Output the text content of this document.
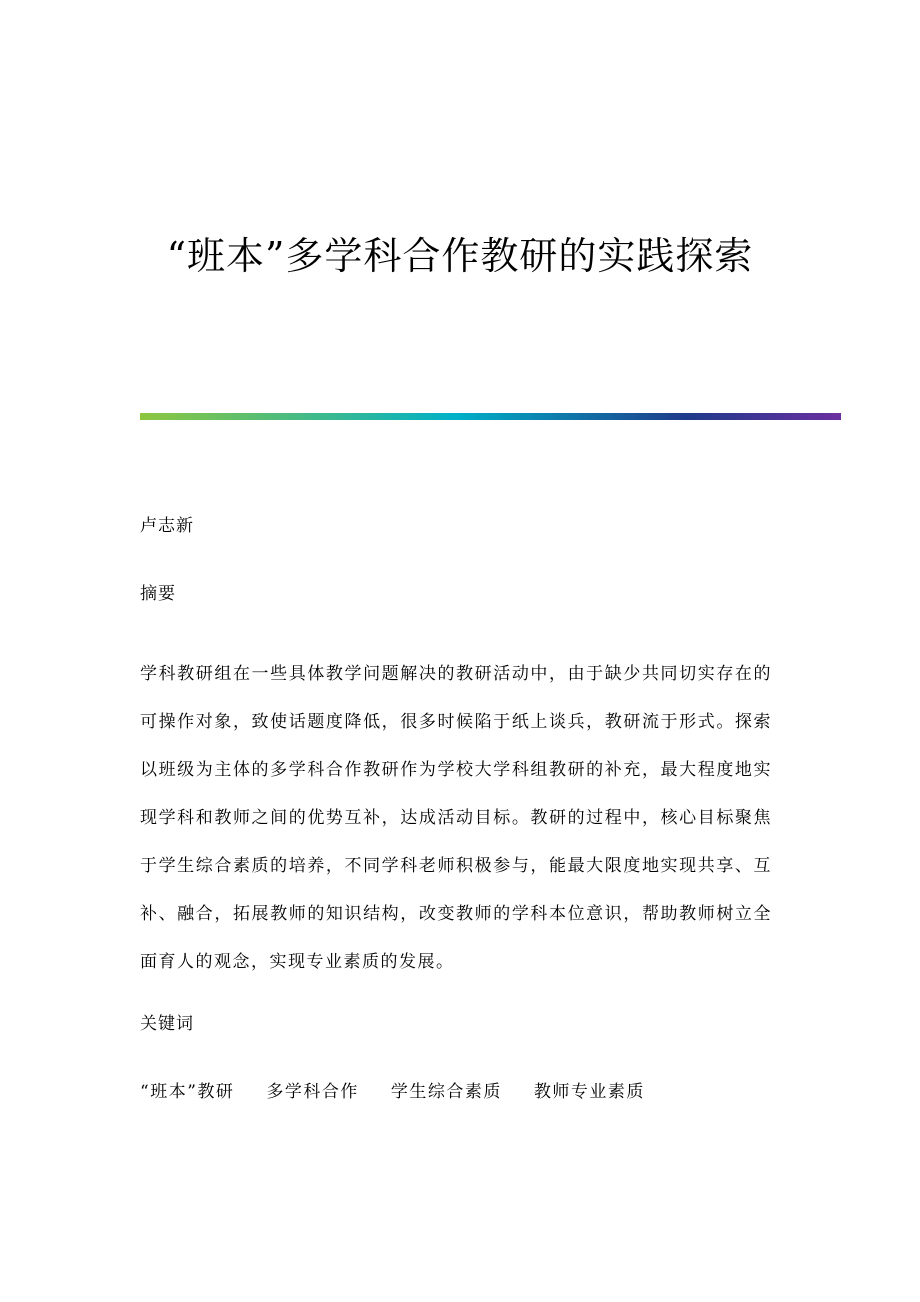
“班本”多学科合作教研的实践探索
卢志新
摘要

学科教研组在一些具体教学问题解决的教研活动中，由于缺少共同切实存在的可操作对象，致使话题度降低，很多时候陷于纸上谈兵，教研流于形式。探索以班级为主体的多学科合作教研作为学校大学科组教研的补充，最大程度地实现学科和教师之间的优势互补，达成活动目标。教研的过程中，核心目标聚焦于学生综合素质的培养，不同学科老师积极参与，能最大限度地实现共享、互补、融合，拓展教师的知识结构，改变教师的学科本位意识，帮助教师树立全面育人的观念，实现专业素质的发展。

关键词
“班本”教研 多学科合作 学生综合素质 教师专业素质
